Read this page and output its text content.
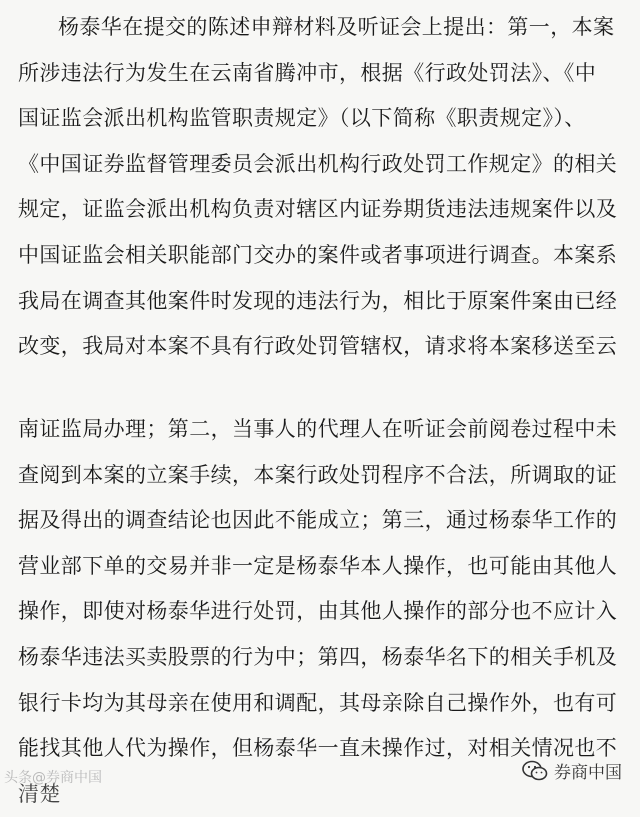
杨泰华在提交的陈述申辩材料及听证会上提出：第一，本案
所涉违法行为发生在云南省腾冲市，根据《行政处罚法》、《中
国证监会派出机构监管职责规定》（以下简称《职责规定》）、
《中国证券监督管理委员会派出机构行政处罚工作规定》的相关
规定，证监会派出机构负责对辖区内证券期货违法违规案件以及
中国证监会相关职能部门交办的案件或者事项进行调查。本案系
我局在调查其他案件时发现的违法行为，相比于原案件案由已经
改变，我局对本案不具有行政处罚管辖权，请求将本案移送至云
南证监局办理；第二，当事人的代理人在听证会前阅卷过程中未
查阅到本案的立案手续，本案行政处罚程序不合法，所调取的证
据及得出的调查结论也因此不能成立；第三，通过杨泰华工作的
营业部下单的交易并非一定是杨泰华本人操作，也可能由其他人
操作，即使对杨泰华进行处罚，由其他人操作的部分也不应计入
杨泰华违法买卖股票的行为中；第四，杨泰华名下的相关手机及
银行卡均为其母亲在使用和调配，其母亲除自己操作外，也有可
能找其他人代为操作，但杨泰华一直未操作过，对相关情况也不
清楚
头条@券商中国	券商中国
